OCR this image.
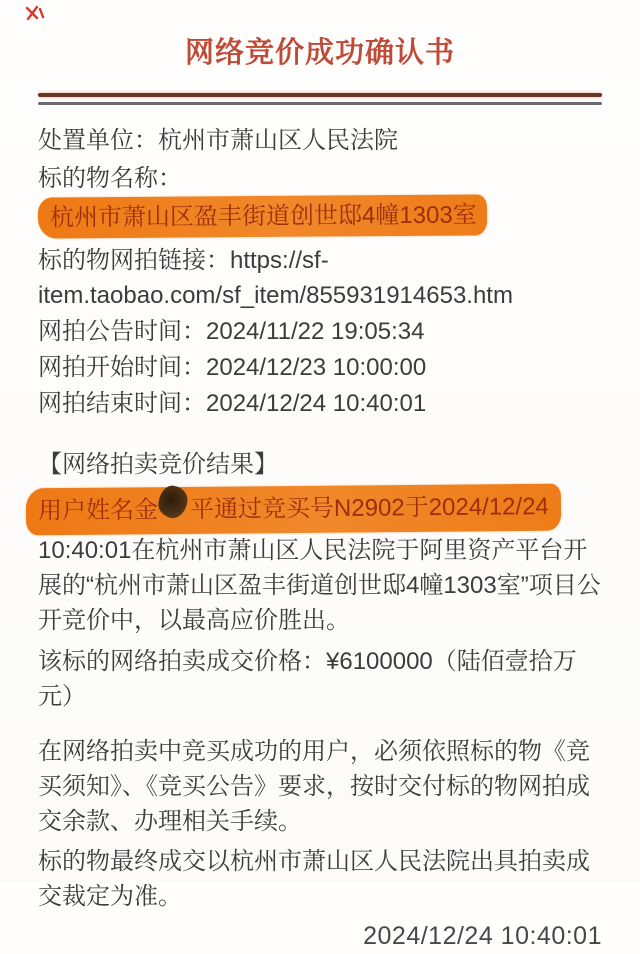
网络竞价成功确认书
处置单位：杭州市萧山区人民法院
标的物名称：杭州市萧山区盈丰街道创世邸4幢1303室
标的物网拍链接：https://sf-item.taobao.com/sf_item/855931914653.htm
网拍公告时间：2024/11/22 19:05:34
网拍开始时间：2024/12/23 10:00:00
网拍结束时间：2024/12/24 10:40:01
【网络拍卖竞价结果】
用户姓名金 平通过竞买号N2902于2024/12/24
10:40:01在杭州市萧山区人民法院于阿里资产平台开展的“杭州市萧山区盈丰街道创世邸4幢1303室”项目公开竞价中，以最高应价胜出。
该标的网络拍卖成交价格：¥6100000（陆佰壹拾万元）

在网络拍卖中竞买成功的用户，必须依照标的物《竞买须知》、《竞买公告》要求，按时交付标的物网拍成交余款、办理相关手续。

标的物最终成交以杭州市萧山区人民法院出具拍卖成交裁定为准。

2024/12/24 10:40:01
